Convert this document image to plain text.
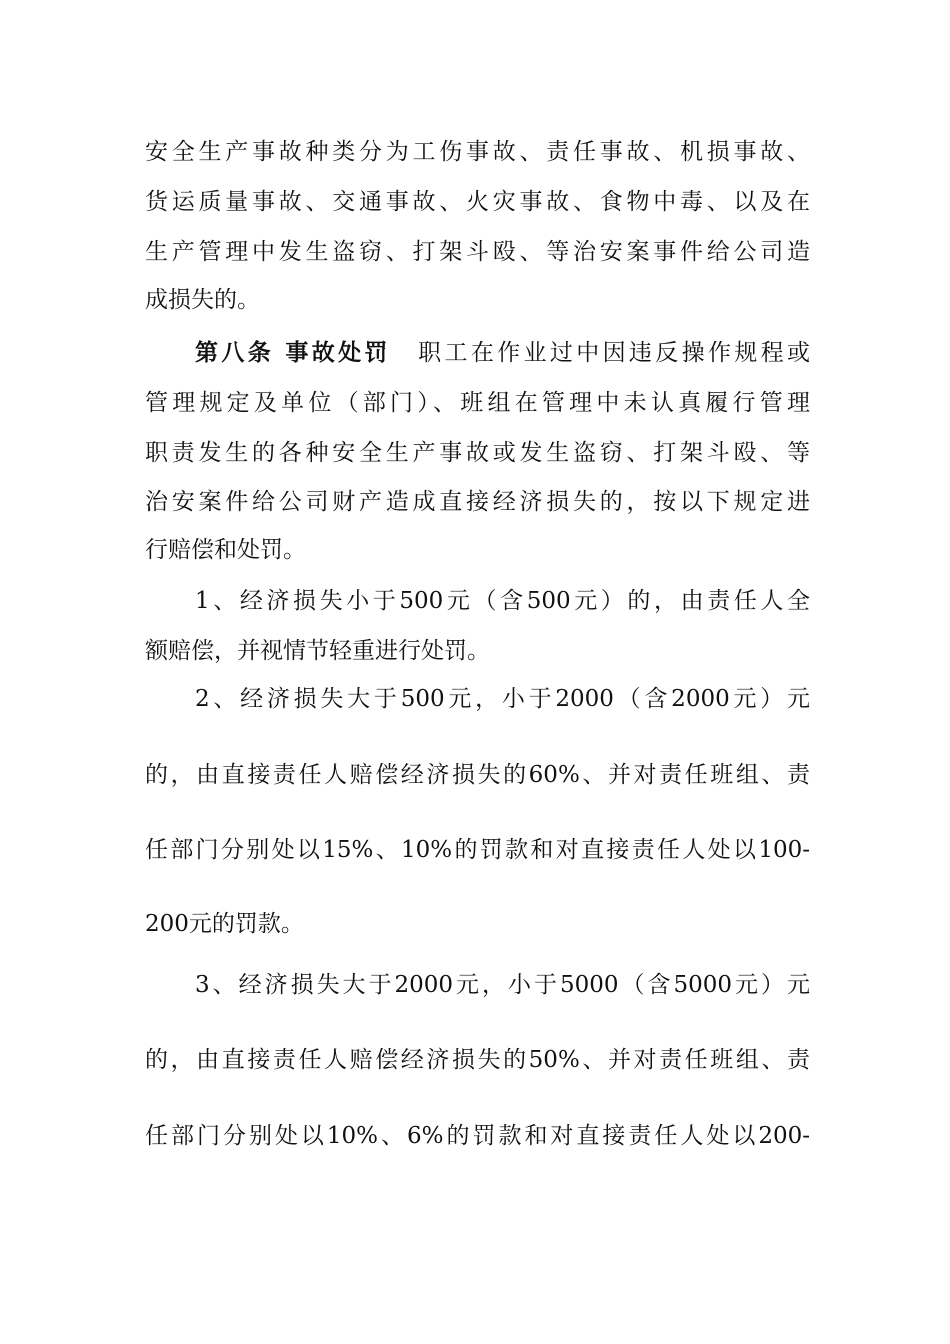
安全生产事故种类分为工伤事故、责任事故、机损事故、
货运质量事故、交通事故、火灾事故、食物中毒、以及在
生产管理中发生盗窃、打架斗殴、等治安案事件给公司造
成损失的。
第八条 事故处罚 职工在作业过中因违反操作规程或
管理规定及单位（部门）、班组在管理中未认真履行管理
职责发生的各种安全生产事故或发生盗窃、打架斗殴、等
治安案件给公司财产造成直接经济损失的，按以下规定进
行赔偿和处罚。
1、经济损失小于500元（含500元）的，由责任人全
额赔偿，并视情节轻重进行处罚。
2、经济损失大于500元，小于2000（含2000元）元
的，由直接责任人赔偿经济损失的60%、并对责任班组、责
任部门分别处以15%、10%的罚款和对直接责任人处以100-
200元的罚款。
3、经济损失大于2000元，小于5000（含5000元）元
的，由直接责任人赔偿经济损失的50%、并对责任班组、责
任部门分别处以10%、6%的罚款和对直接责任人处以200-
